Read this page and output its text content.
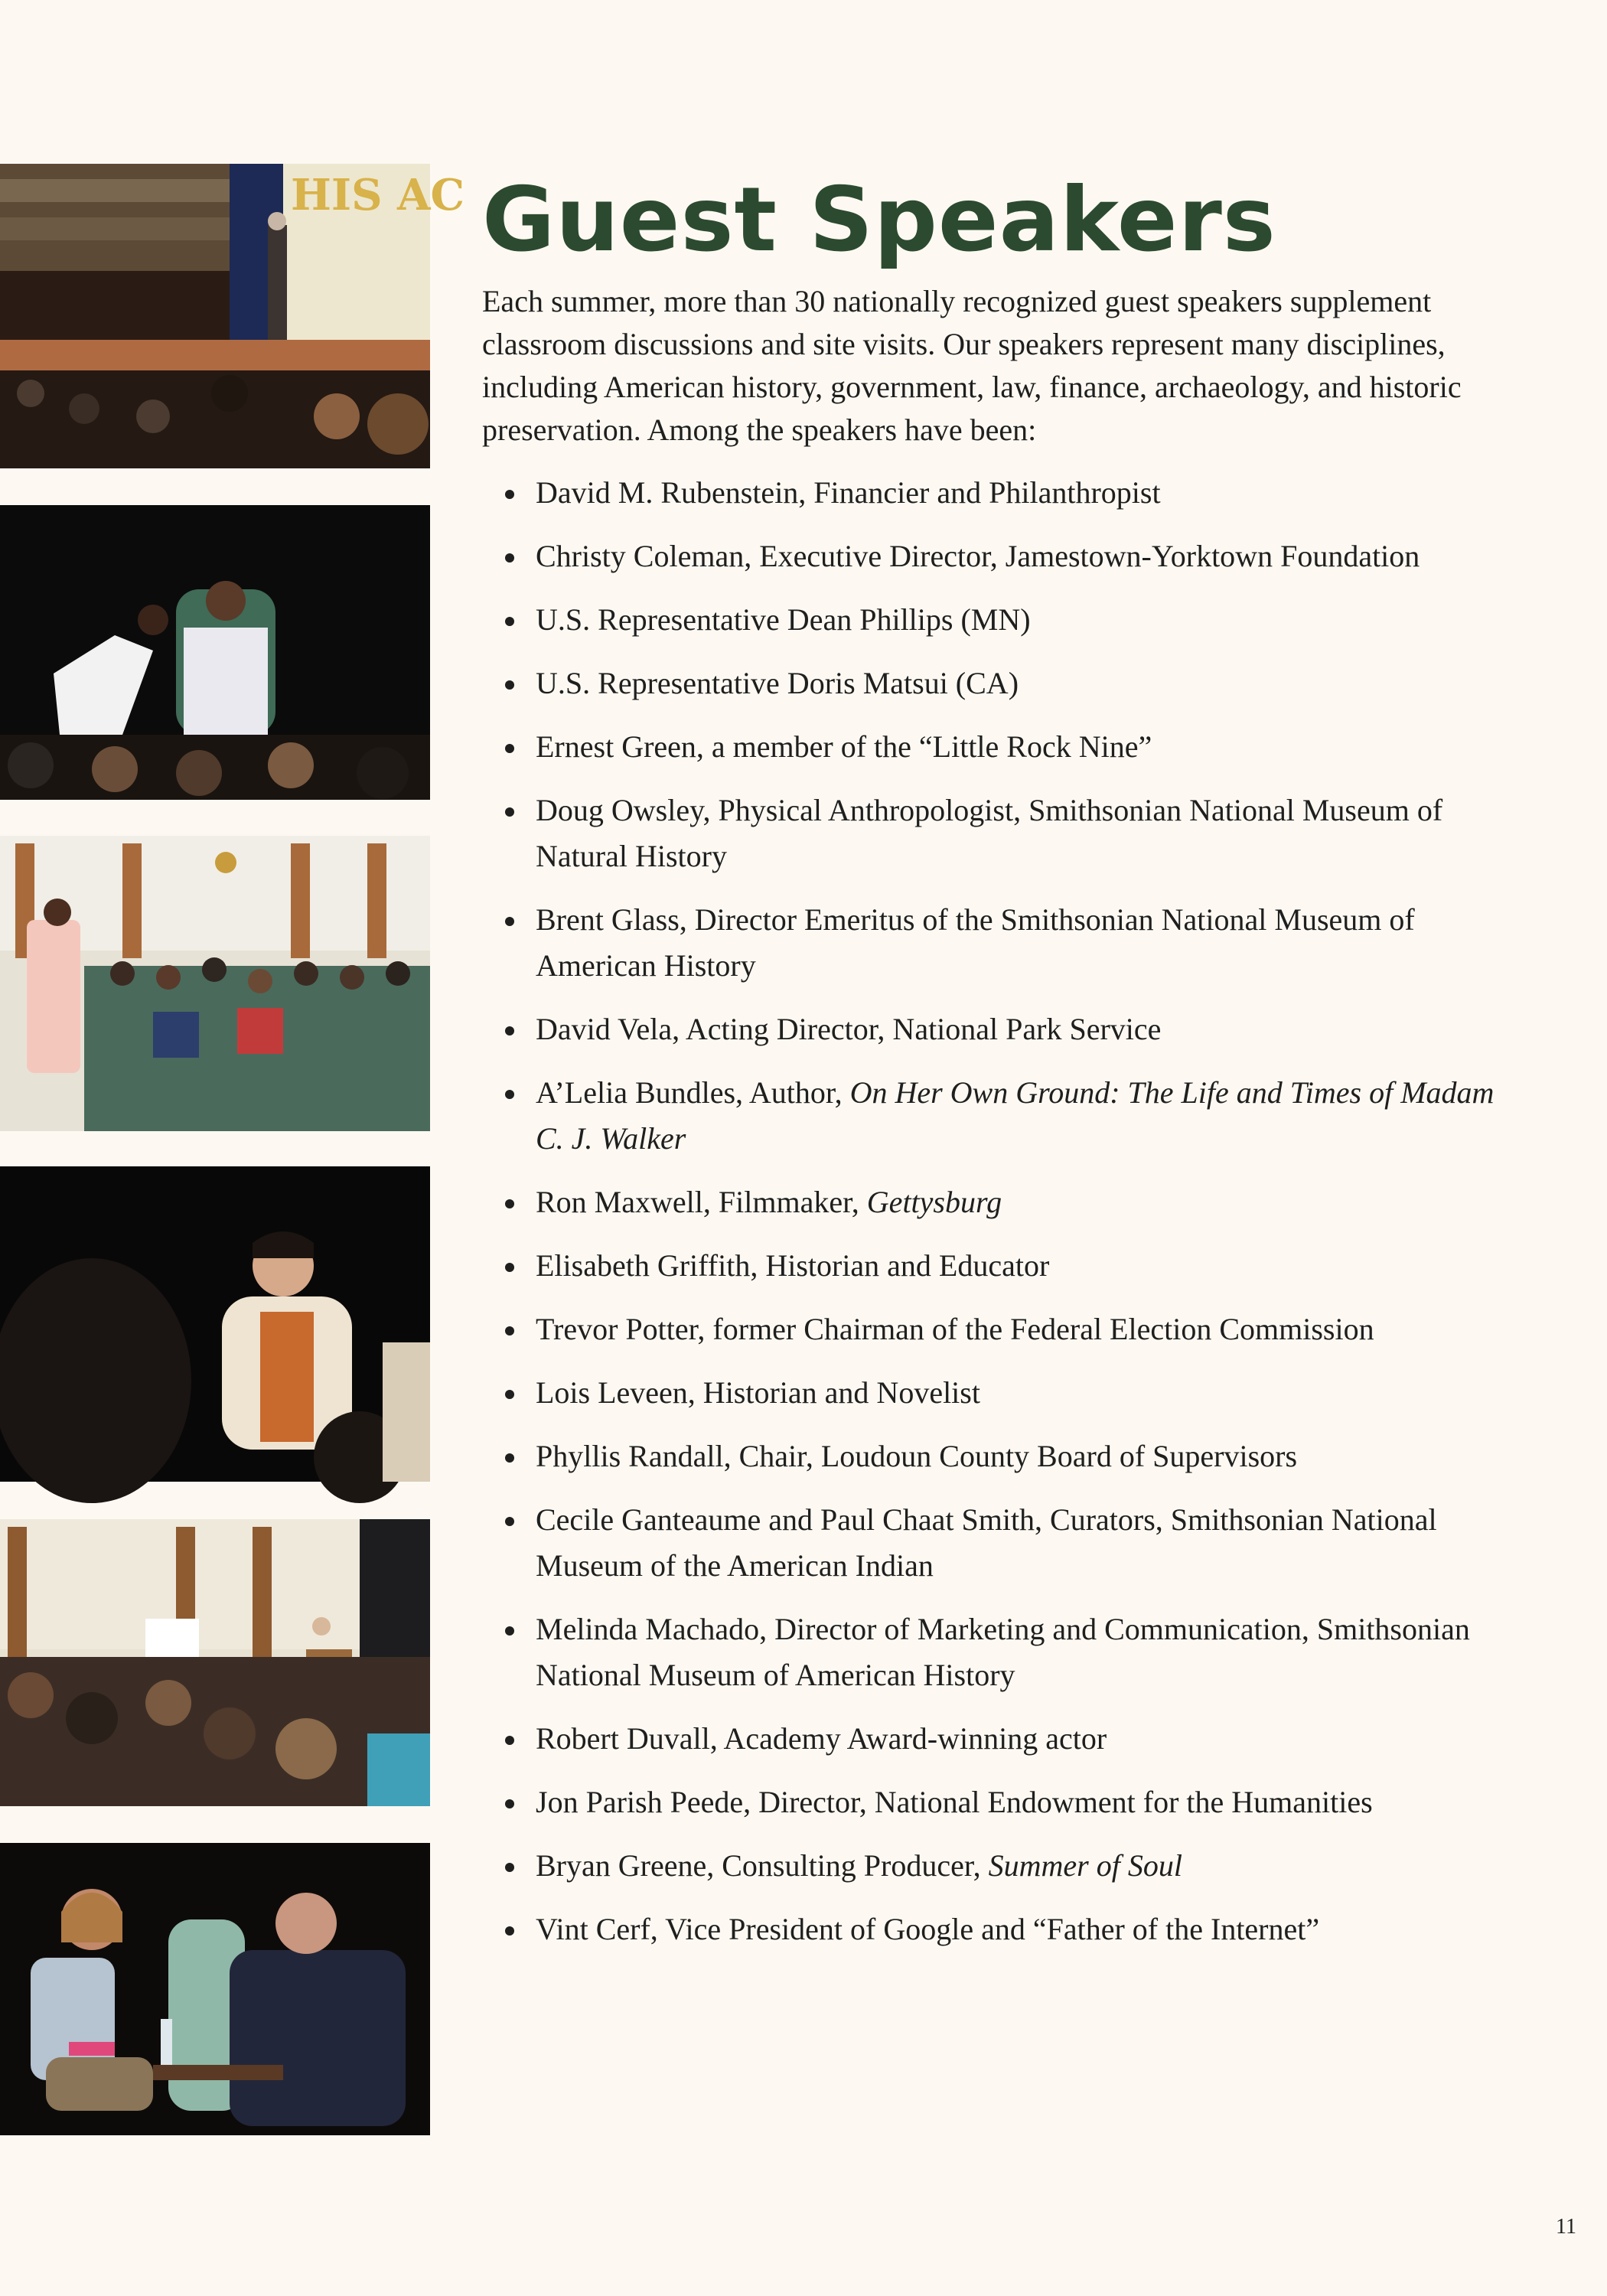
HIS AC Guest Speakers

Each summer, more than 30 nationally recognized guest speakers supplement classroom discussions and site visits. Our speakers represent many disciplines, including American history, government, law, finance, archaeology, and historic preservation. Among the speakers have been:

David M. Rubenstein, Financier and Philanthropist
Christy Coleman, Executive Director, Jamestown-Yorktown Foundation
U.S. Representative Dean Phillips (MN)
U.S. Representative Doris Matsui (CA)
Ernest Green, a member of the “Little Rock Nine”
Doug Owsley, Physical Anthropologist, Smithsonian National Museum of Natural History
Brent Glass, Director Emeritus of the Smithsonian National Museum of American History
David Vela, Acting Director, National Park Service
A’Lelia Bundles, Author, On Her Own Ground: The Life and Times of Madam C. J. Walker
Ron Maxwell, Filmmaker, Gettysburg
Elisabeth Griffith, Historian and Educator
Trevor Potter, former Chairman of the Federal Election Commission
Lois Leveen, Historian and Novelist
Phyllis Randall, Chair, Loudoun County Board of Supervisors
Cecile Ganteaume and Paul Chaat Smith, Curators, Smithsonian National Museum of the American Indian
Melinda Machado, Director of Marketing and Communication, Smithsonian National Museum of American History
Robert Duvall, Academy Award-winning actor
Jon Parish Peede, Director, National Endowment for the Humanities
Bryan Greene, Consulting Producer, Summer of Soul
Vint Cerf, Vice President of Google and “Father of the Internet”
11
